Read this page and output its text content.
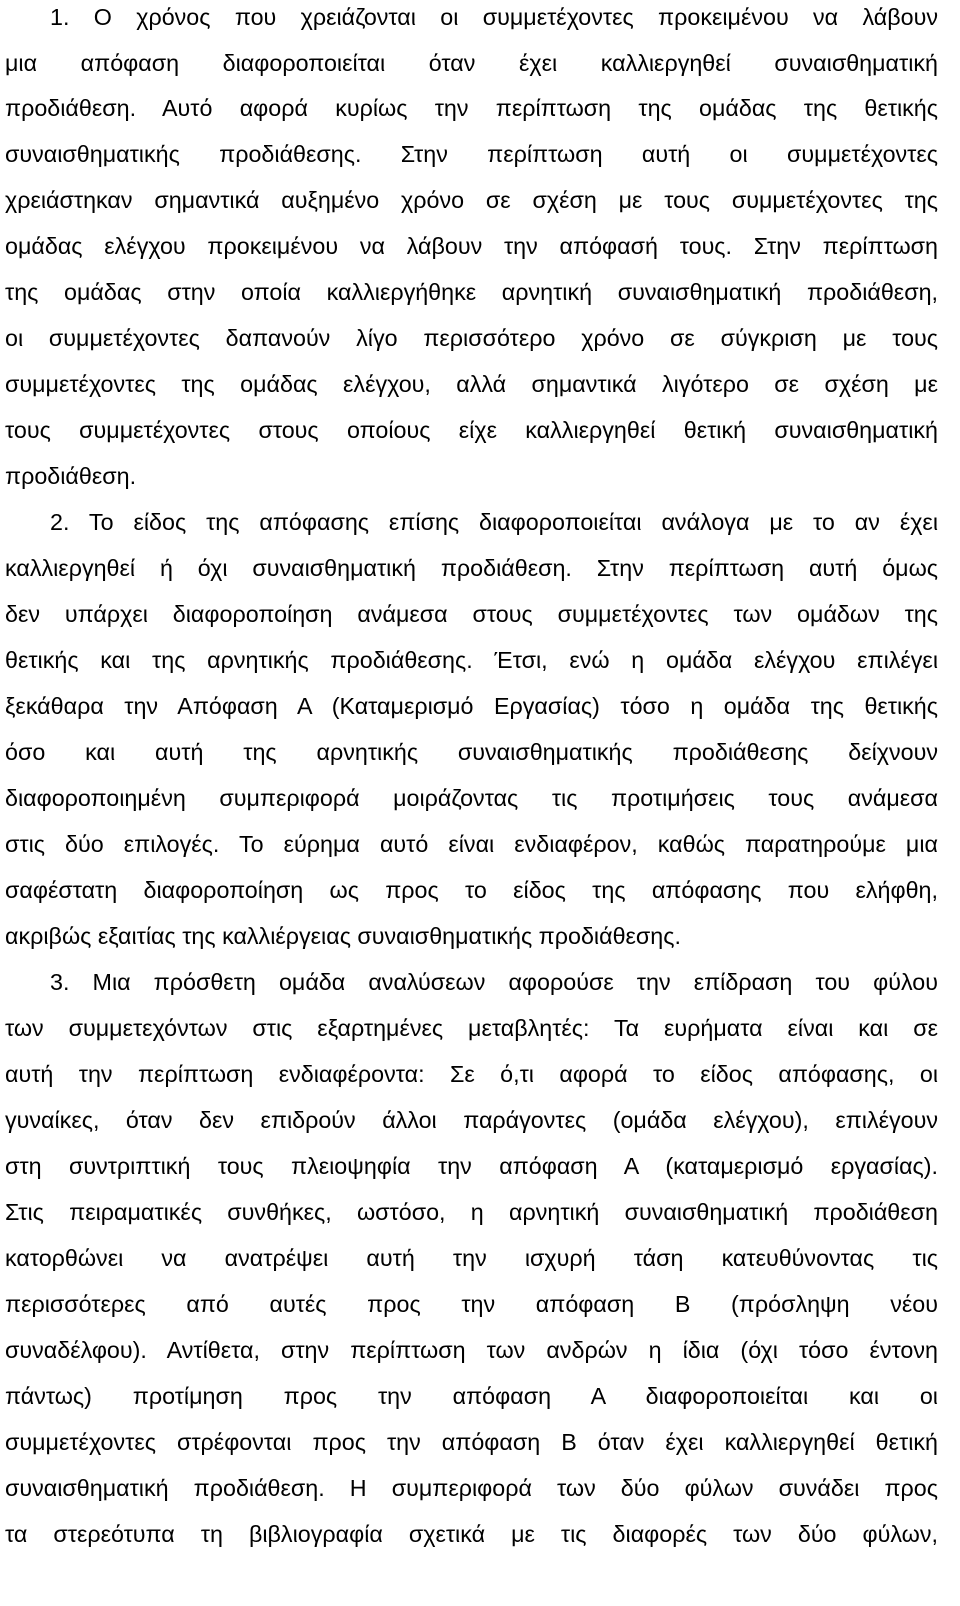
1. Ο χρόνος που χρειάζονται οι συμμετέχοντες προκειμένου να λάβουν
μια απόφαση διαφοροποιείται όταν έχει καλλιεργηθεί συναισθηματική
προδιάθεση. Αυτό αφορά κυρίως την περίπτωση της ομάδας της θετικής
συναισθηματικής προδιάθεσης. Στην περίπτωση αυτή οι συμμετέχοντες
χρειάστηκαν σημαντικά αυξημένο χρόνο σε σχέση με τους συμμετέχοντες της
ομάδας ελέγχου προκειμένου να λάβουν την απόφασή τους. Στην περίπτωση
της ομάδας στην οποία καλλιεργήθηκε αρνητική συναισθηματική προδιάθεση,
οι συμμετέχοντες δαπανούν λίγο περισσότερο χρόνο σε σύγκριση με τους
συμμετέχοντες της ομάδας ελέγχου, αλλά σημαντικά λιγότερο σε σχέση με
τους συμμετέχοντες στους οποίους είχε καλλιεργηθεί θετική συναισθηματική
προδιάθεση.
2. Το είδος της απόφασης επίσης διαφοροποιείται ανάλογα με το αν έχει
καλλιεργηθεί ή όχι συναισθηματική προδιάθεση. Στην περίπτωση αυτή όμως
δεν υπάρχει διαφοροποίηση ανάμεσα στους συμμετέχοντες των ομάδων της
θετικής και της αρνητικής προδιάθεσης. Έτσι, ενώ η ομάδα ελέγχου επιλέγει
ξεκάθαρα την Απόφαση Α (Καταμερισμό Εργασίας) τόσο η ομάδα της θετικής
όσο και αυτή της αρνητικής συναισθηματικής προδιάθεσης δείχνουν
διαφοροποιημένη συμπεριφορά μοιράζοντας τις προτιμήσεις τους ανάμεσα
στις δύο επιλογές. Το εύρημα αυτό είναι ενδιαφέρον, καθώς παρατηρούμε μια
σαφέστατη διαφοροποίηση ως προς το είδος της απόφασης που ελήφθη,
ακριβώς εξαιτίας της καλλιέργειας συναισθηματικής προδιάθεσης.
3. Μια πρόσθετη ομάδα αναλύσεων αφορούσε την επίδραση του φύλου
των συμμετεχόντων στις εξαρτημένες μεταβλητές: Τα ευρήματα είναι και σε
αυτή την περίπτωση ενδιαφέροντα: Σε ό,τι αφορά το είδος απόφασης, οι
γυναίκες, όταν δεν επιδρούν άλλοι παράγοντες (ομάδα ελέγχου), επιλέγουν
στη συντριπτική τους πλειοψηφία την απόφαση Α (καταμερισμό εργασίας).
Στις πειραματικές συνθήκες, ωστόσο, η αρνητική συναισθηματική προδιάθεση
κατορθώνει να ανατρέψει αυτή την ισχυρή τάση κατευθύνοντας τις
περισσότερες από αυτές προς την απόφαση Β (πρόσληψη νέου
συναδέλφου). Αντίθετα, στην περίπτωση των ανδρών η ίδια (όχι τόσο έντονη
πάντως) προτίμηση προς την απόφαση Α διαφοροποιείται και οι
συμμετέχοντες στρέφονται προς την απόφαση Β όταν έχει καλλιεργηθεί θετική
συναισθηματική προδιάθεση. Η συμπεριφορά των δύο φύλων συνάδει προς
τα στερεότυπα τη βιβλιογραφία σχετικά με τις διαφορές των δύο φύλων,
